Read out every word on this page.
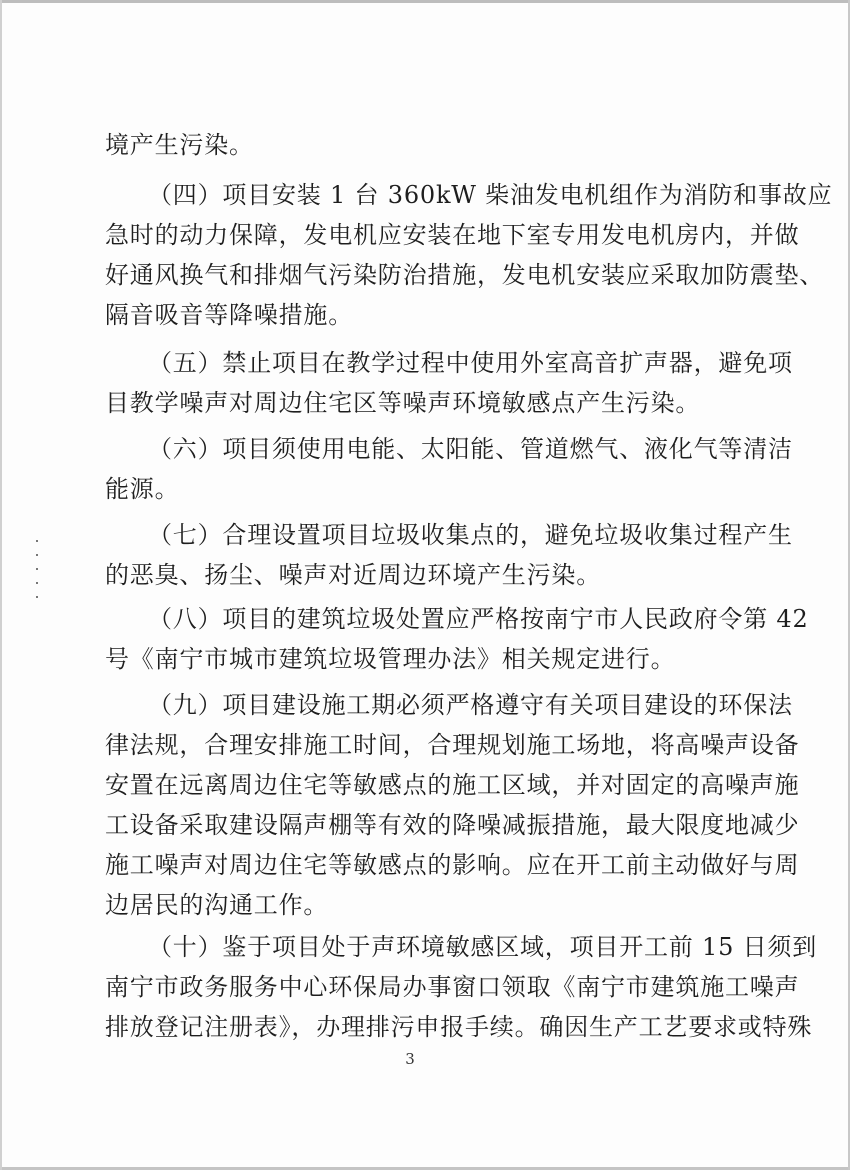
境产生污染。
（四）项目安装 1 台 360kW 柴油发电机组作为消防和事故应
急时的动力保障，发电机应安装在地下室专用发电机房内，并做
好通风换气和排烟气污染防治措施，发电机安装应采取加防震垫、
隔音吸音等降噪措施。
（五）禁止项目在教学过程中使用外室高音扩声器，避免项
目教学噪声对周边住宅区等噪声环境敏感点产生污染。
（六）项目须使用电能、太阳能、管道燃气、液化气等清洁
能源。
（七）合理设置项目垃圾收集点的，避免垃圾收集过程产生
的恶臭、扬尘、噪声对近周边环境产生污染。
（八）项目的建筑垃圾处置应严格按南宁市人民政府令第 42
号《南宁市城市建筑垃圾管理办法》相关规定进行。
（九）项目建设施工期必须严格遵守有关项目建设的环保法
律法规，合理安排施工时间，合理规划施工场地，将高噪声设备
安置在远离周边住宅等敏感点的施工区域，并对固定的高噪声施
工设备采取建设隔声棚等有效的降噪减振措施，最大限度地减少
施工噪声对周边住宅等敏感点的影响。应在开工前主动做好与周
边居民的沟通工作。
（十）鉴于项目处于声环境敏感区域，项目开工前 15 日须到
南宁市政务服务中心环保局办事窗口领取《南宁市建筑施工噪声
排放登记注册表》，办理排污申报手续。确因生产工艺要求或特殊
3
